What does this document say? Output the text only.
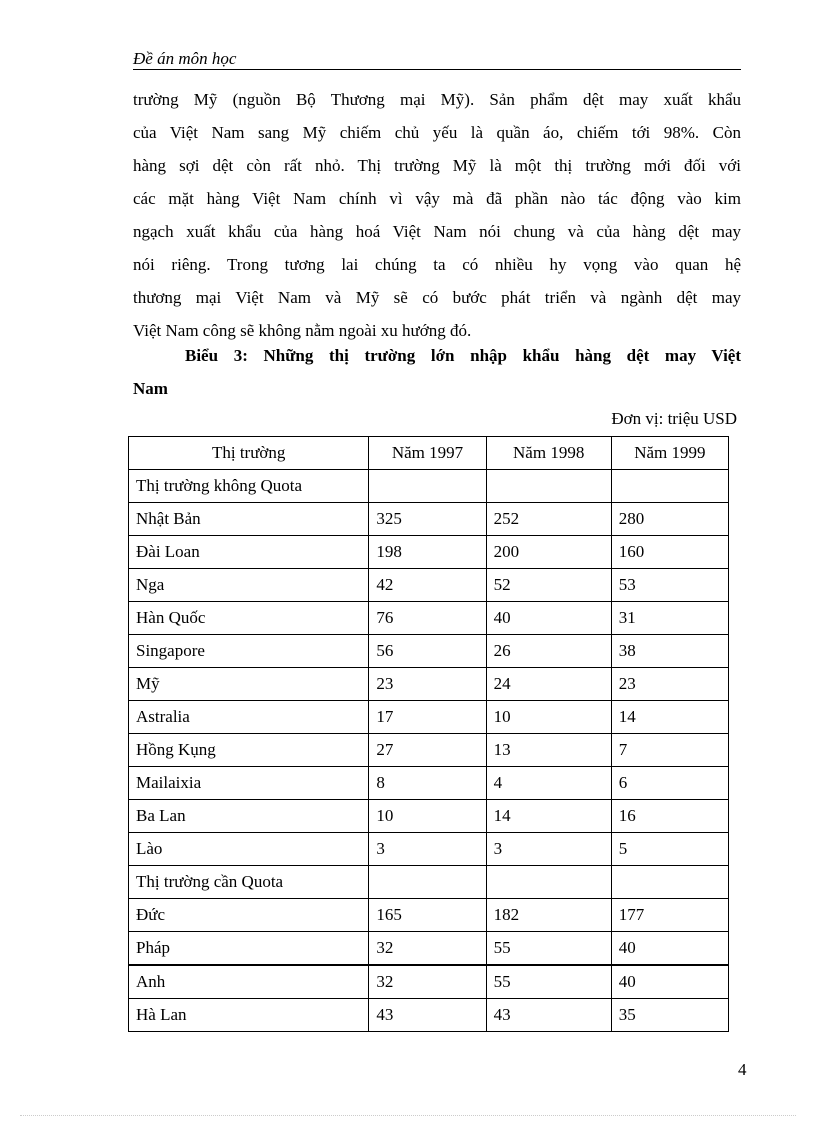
Đề án môn học
trường Mỹ (nguồn Bộ Thương mại Mỹ). Sản phẩm dệt may xuất khẩu
của Việt Nam sang Mỹ chiếm chủ yếu là quần áo, chiếm tới 98%. Còn
hàng sợi dệt còn rất nhỏ. Thị trường Mỹ là một thị trường mới đối với
các mặt hàng Việt Nam chính vì vậy mà đã phần nào tác động vào kim
ngạch xuất khẩu của hàng hoá Việt Nam nói chung và của hàng dệt may
nói riêng. Trong tương lai chúng ta có nhiều hy vọng vào quan hệ
thương mại Việt Nam và Mỹ sẽ có bước phát triển và ngành dệt may
Việt Nam công sẽ không nằm ngoài xu hướng đó.
Biểu 3: Những thị trường lớn nhập khẩu hàng dệt may Việt
Nam
Đơn vị: triệu USD
Thị trường	Năm 1997	Năm 1998	Năm 1999
Thị trường không Quota			
Nhật Bản	325	252	280
Đài Loan	198	200	160
Nga	42	52	53
Hàn Quốc	76	40	31
Singapore	56	26	38
Mỹ	23	24	23
Astralia	17	10	14
Hồng Kụng	27	13	7
Mailaixia	8	4	6
Ba Lan	10	14	16
Lào	3	3	5
Thị trường cần Quota			
Đức	165	182	177
Pháp	32	55	40
Anh	32	55	40
Hà Lan	43	43	35
4
